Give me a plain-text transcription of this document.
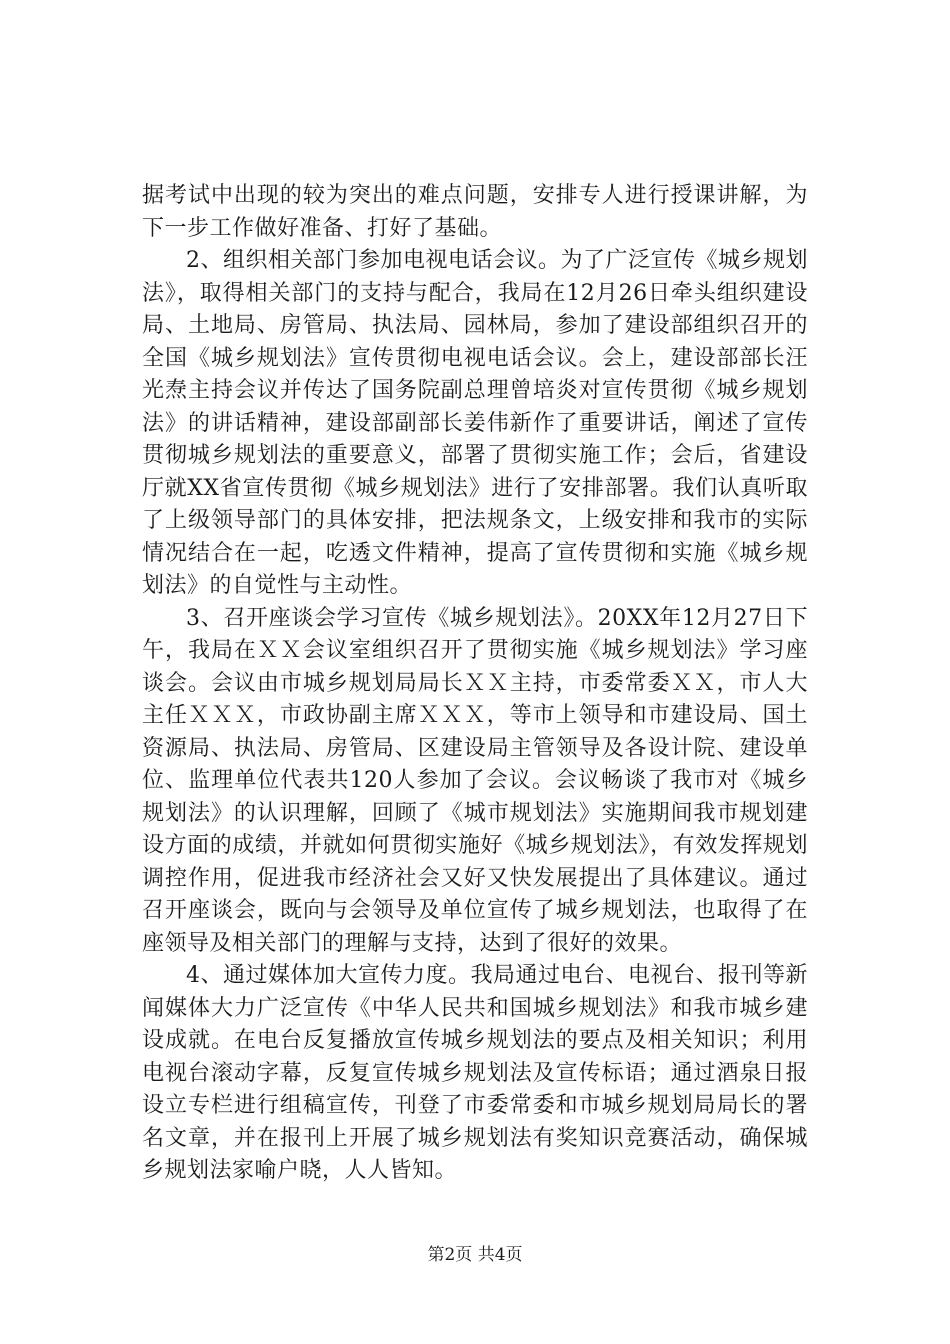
据考试中出现的较为突出的难点问题，安排专人进行授课讲解，为下一步工作做好准备、打好了基础。

2、组织相关部门参加电视电话会议。为了广泛宣传《城乡规划法》，取得相关部门的支持与配合，我局在12月26日牵头组织建设局、土地局、房管局、执法局、园林局，参加了建设部组织召开的全国《城乡规划法》宣传贯彻电视电话会议。会上，建设部部长汪光焘主持会议并传达了国务院副总理曾培炎对宣传贯彻《城乡规划法》的讲话精神，建设部副部长姜伟新作了重要讲话，阐述了宣传贯彻城乡规划法的重要意义，部署了贯彻实施工作；会后，省建设厅就XX省宣传贯彻《城乡规划法》进行了安排部署。我们认真听取了上级领导部门的具体安排，把法规条文，上级安排和我市的实际情况结合在一起，吃透文件精神，提高了宣传贯彻和实施《城乡规划法》的自觉性与主动性。

3、召开座谈会学习宣传《城乡规划法》。20XX年12月27日下午，我局在ＸＸ会议室组织召开了贯彻实施《城乡规划法》学习座谈会。会议由市城乡规划局局长ＸＸ主持，市委常委ＸＸ，市人大主任ＸＸＸ，市政协副主席ＸＸＸ，等市上领导和市建设局、国土资源局、执法局、房管局、区建设局主管领导及各设计院、建设单位、监理单位代表共120人参加了会议。会议畅谈了我市对《城乡规划法》的认识理解，回顾了《城市规划法》实施期间我市规划建设方面的成绩，并就如何贯彻实施好《城乡规划法》，有效发挥规划调控作用，促进我市经济社会又好又快发展提出了具体建议。通过召开座谈会，既向与会领导及单位宣传了城乡规划法，也取得了在座领导及相关部门的理解与支持，达到了很好的效果。

4、通过媒体加大宣传力度。我局通过电台、电视台、报刊等新闻媒体大力广泛宣传《中华人民共和国城乡规划法》和我市城乡建设成就。在电台反复播放宣传城乡规划法的要点及相关知识；利用电视台滚动字幕，反复宣传城乡规划法及宣传标语；通过酒泉日报设立专栏进行组稿宣传，刊登了市委常委和市城乡规划局局长的署名文章，并在报刊上开展了城乡规划法有奖知识竞赛活动，确保城乡规划法家喻户晓，人人皆知。

第2页 共4页
